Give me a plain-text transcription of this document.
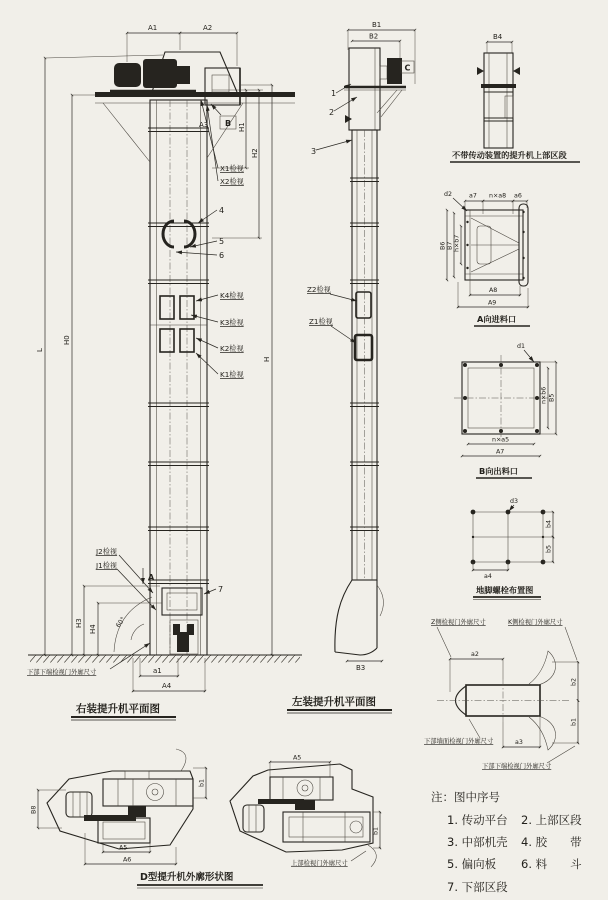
L
H0
H
A1	A2
H1
H2
A3 B
X1检视
X2检视
4
5
6
K4检视
K3检视
K2检视
K1检视
A
J2检视
J1检视
7
60°
H3
H4
a1
A4
下部下端检视门外廓尺寸
右装提升机平面图
B1
B2
C
1
2
3
Z2检视
Z1检视
B3
左装提升机平面图
B4
不带传动装置的提升机上部区段
d2	a7 n×a8 a6
B6 B7 h×b7
A8
A9
A向进料口
d1
n×b6 B5
n×a5
A7
B向出料口
d3
b4
b5
a4
地脚螺栓布置图
Z侧检视门外廓尺寸	K侧检视门外廓尺寸
a2
b2
b1
a3
下部墙面检视门外廓尺寸
下部下端检视门外廓尺寸
B8
A5
A6
b1
A5
b1
上部检视门外廓尺寸
D型提升机外廓形状图
注：图中序号
1. 传动平台 2. 上部区段
3. 中部机壳 4. 胶　　带
5. 偏向板 6. 料　　斗
7. 下部区段
